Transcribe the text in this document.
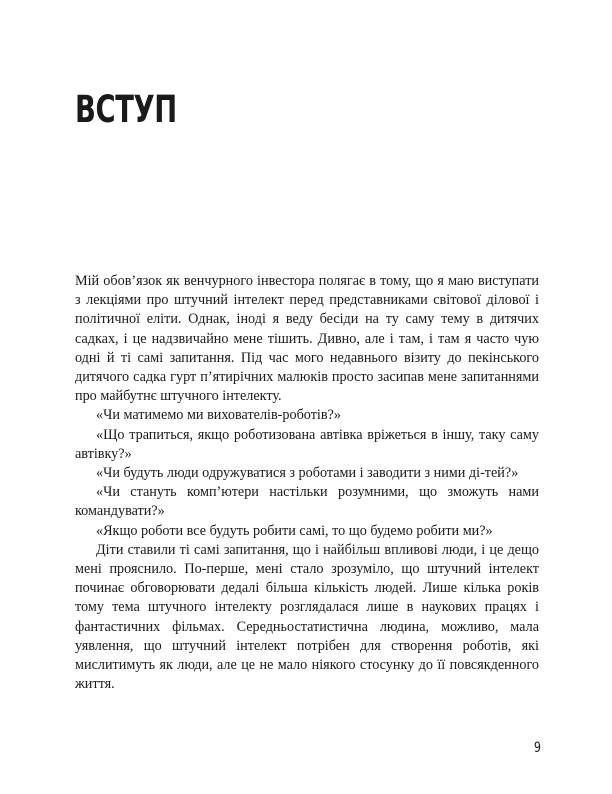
ВСТУП

Мій обов’язок як венчурного інвестора полягає в тому, що я маю виступати з лекціями про штучний інтелект перед представниками світової ділової і політичної еліти. Однак, іноді я веду бесіди на ту саму тему в дитячих садках, і це надзвичайно мене тішить. Дивно, але і там, і там я часто чую одні й ті самі запитання. Під час мого недавнього візиту до пекінського дитячого садка гурт п’ятирічних малюків просто засипав мене запитаннями про майбутнє штучного інтелекту.

«Чи матимемо ми вихователів-роботів?»

«Що трапиться, якщо роботизована автівка вріжеться в іншу, таку саму автівку?»

«Чи будуть люди одружуватися з роботами і заводити з ними ді-тей?»

«Чи стануть комп’ютери настільки розумними, що зможуть нами командувати?»

«Якщо роботи все будуть робити самі, то що будемо робити ми?»

Діти ставили ті самі запитання, що і найбільш впливові люди, і це дещо мені прояснило. По-перше, мені стало зрозуміло, що штучний інтелект починає обговорювати дедалі більша кількість людей. Лише кілька років тому тема штучного інтелекту розглядалася лише в наукових працях і фантастичних фільмах. Середньостатистична людина, можливо, мала уявлення, що штучний інтелект потрібен для створення роботів, які мислитимуть як люди, але це не мало ніякого стосунку до її повсякденного життя.

9
